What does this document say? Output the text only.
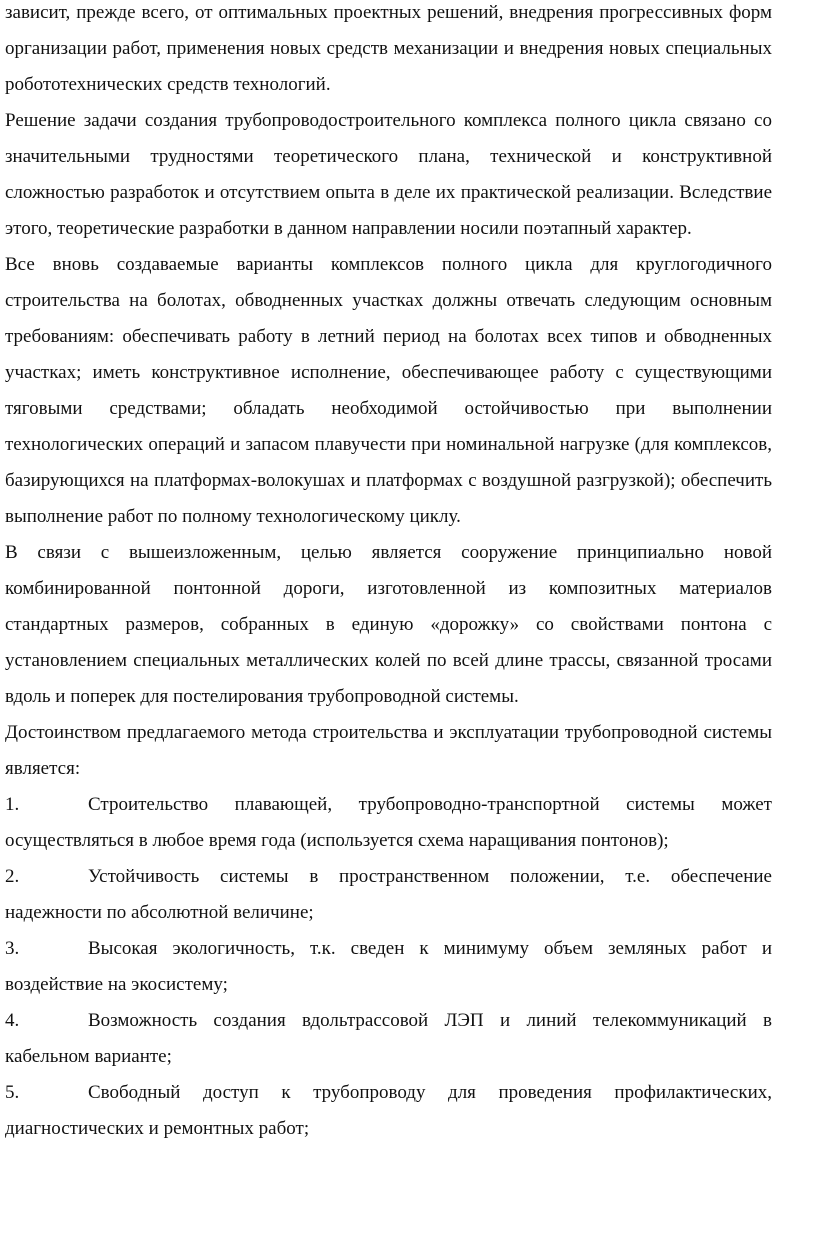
зависит, прежде всего, от оптимальных проектных решений, внедрения прогрессивных форм организации работ, применения новых средств механизации и внедрения новых специальных робототехнических средств технологий.

Решение задачи создания трубопроводостроительного комплекса полного цикла связано со значительными трудностями теоретического плана, технической и конструктивной сложностью разработок и отсутствием опыта в деле их практической реализации. Вследствие этого, теоретические разработки в данном направлении носили поэтапный характер.

Все вновь создаваемые варианты комплексов полного цикла для круглогодичного строительства на болотах, обводненных участках должны отвечать следующим основным требованиям: обеспечивать работу в летний период на болотах всех типов и обводненных участках; иметь конструктивное исполнение, обеспечивающее работу с существующими тяговыми средствами; обладать необходимой остойчивостью при выполнении технологических операций и запасом плавучести при номинальной нагрузке (для комплексов, базирующихся на платформах-волокушах и платформах с воздушной разгрузкой); обеспечить выполнение работ по полному технологическому циклу.

В связи с вышеизложенным, целью является сооружение принципиально новой комбинированной понтонной дороги, изготовленной из композитных материалов стандартных размеров, собранных в единую «дорожку» со свойствами понтона с установлением специальных металлических колей по всей длине трассы, связанной тросами вдоль и поперек для постелирования трубопроводной системы.

Достоинством предлагаемого метода строительства и эксплуатации трубопроводной системы является:

1.	Строительство плавающей, трубопроводно-транспортной системы может осуществляться в любое время года (используется схема наращивания понтонов);

2.	Устойчивость системы в пространственном положении, т.е. обеспечение надежности по абсолютной величине;

3.	Высокая экологичность, т.к. сведен к минимуму объем земляных работ и воздействие на экосистему;

4.	Возможность создания вдольтрассовой ЛЭП и линий телекоммуникаций в кабельном варианте;

5.	Свободный доступ к трубопроводу для проведения профилактических, диагностических и ремонтных работ;
